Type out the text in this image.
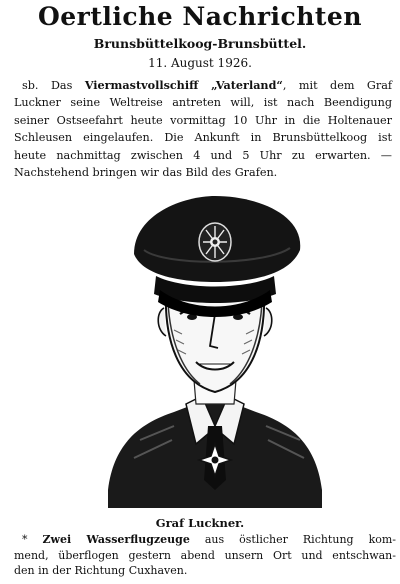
Oertliche Nachrichten
Brunsbüttelkoog-Brunsbüttel.
11. August 1926.
sb. Das Viermastvollschiff „Vaterland“, mit dem Graf
Luckner seine Weltreise antreten will, ist nach Beendigung
seiner Ostseefahrt heute vormittag 10 Uhr in die Holtenauer
Schleusen eingelaufen. Die Ankunft in Brunsbüttelkoog ist
heute nachmittag zwischen 4 und 5 Uhr zu erwarten. —
Nachstehend bringen wir das Bild des Grafen.
Graf Luckner.
* Zwei Wasserflugzeuge aus östlicher Richtung kom-
mend, überflogen gestern abend unsern Ort und entschwan-
den in der Richtung Cuxhaven.
